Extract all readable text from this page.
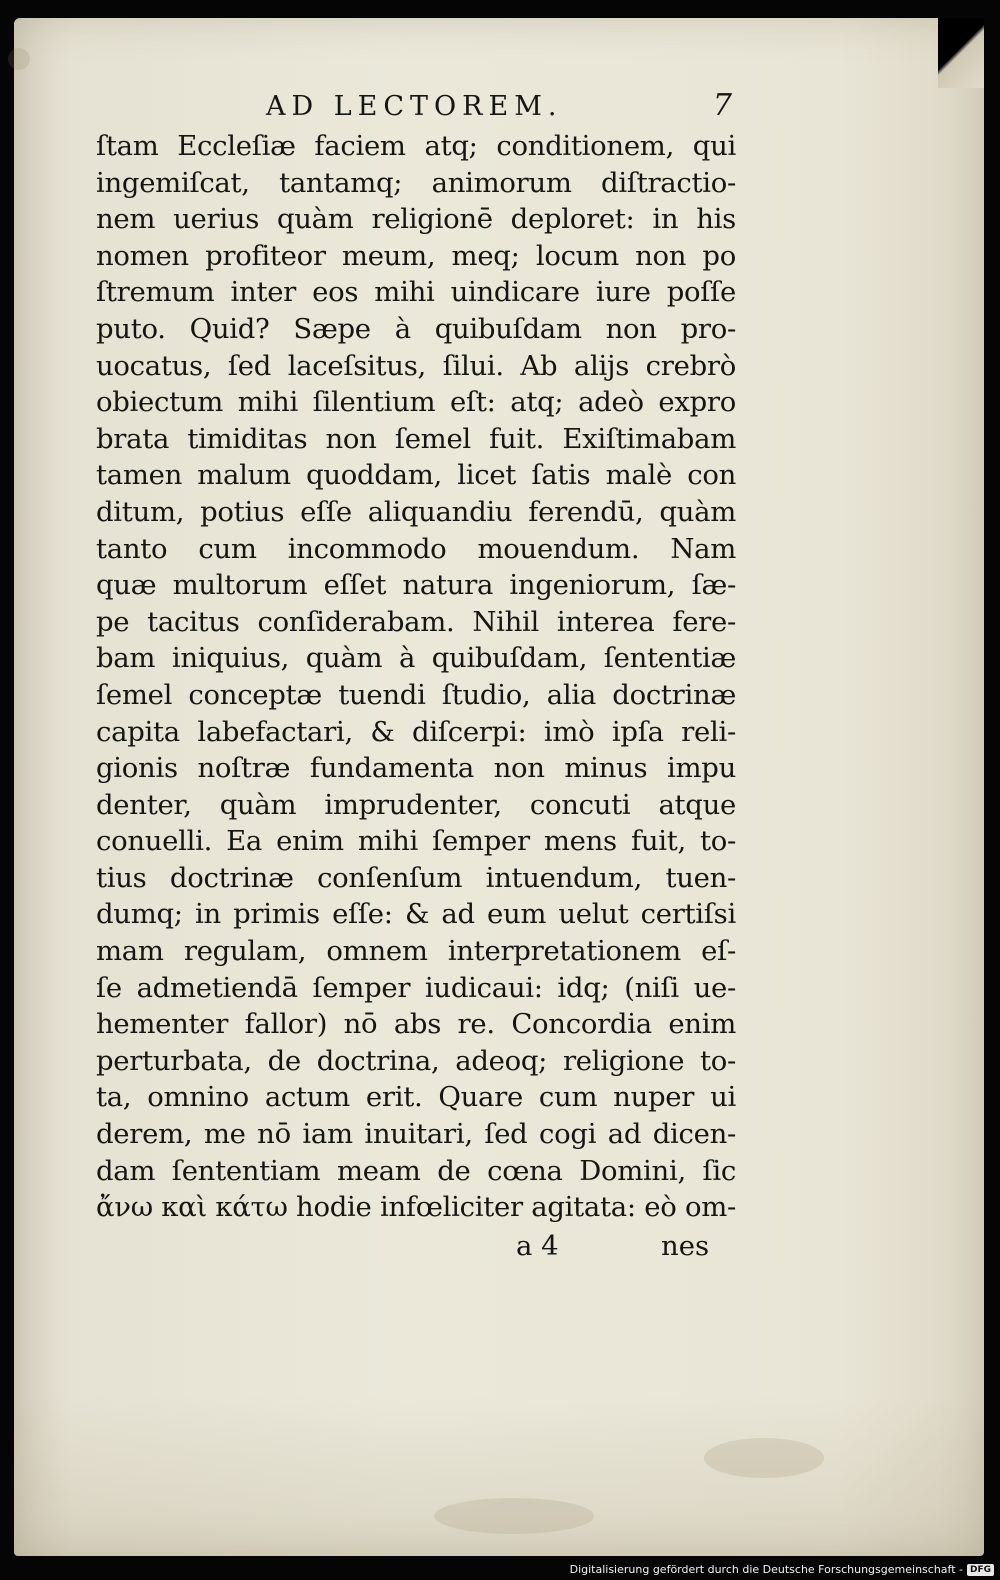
AD LECTOREM.	7
ſtam Eccleſiæ faciem atq; conditionem, qui
ingemiſcat, tantamq; animorum diſtractio-
nem uerius quàm religionē deploret: in his
nomen profiteor meum, meq; locum non po
ſtremum inter eos mihi uindicare iure poſſe
puto. Quid? Sæpe à quibuſdam non pro-
uocatus, ſed laceſsitus, ſilui. Ab alijs crebrò
obiectum mihi ſilentium eſt: atq; adeò expro
brata timiditas non ſemel fuit. Exiſtimabam
tamen malum quoddam, licet ſatis malè con
ditum, potius eſſe aliquandiu ferendū, quàm
tanto cum incommodo mouendum. Nam
quæ multorum eſſet natura ingeniorum, ſæ-
pe tacitus conſiderabam. Nihil interea fere-
bam iniquius, quàm à quibuſdam, ſententiæ
ſemel conceptæ tuendi ſtudio, alia doctrinæ
capita labefactari, & diſcerpi: imò ipſa reli-
gionis noſtræ fundamenta non minus impu
denter, quàm imprudenter, concuti atque
conuelli. Ea enim mihi ſemper mens fuit, to-
tius doctrinæ conſenſum intuendum, tuen-
dumq; in primis eſſe: & ad eum uelut certiſsi
mam regulam, omnem interpretationem eſ-
ſe admetiendā ſemper iudicaui: idq; (niſi ue-
hementer fallor) nō abs re. Concordia enim
perturbata, de doctrina, adeoq; religione to-
ta, omnino actum erit. Quare cum nuper ui
derem, me nō iam inuitari, ſed cogi ad dicen-
dam ſententiam meam de cœna Domini, ſic
ἄνω καὶ κάτω hodie infœliciter agitata: eò om-
a 4	nes
Digitalisierung gefördert durch die Deutsche Forschungsgemeinschaft - DFG
